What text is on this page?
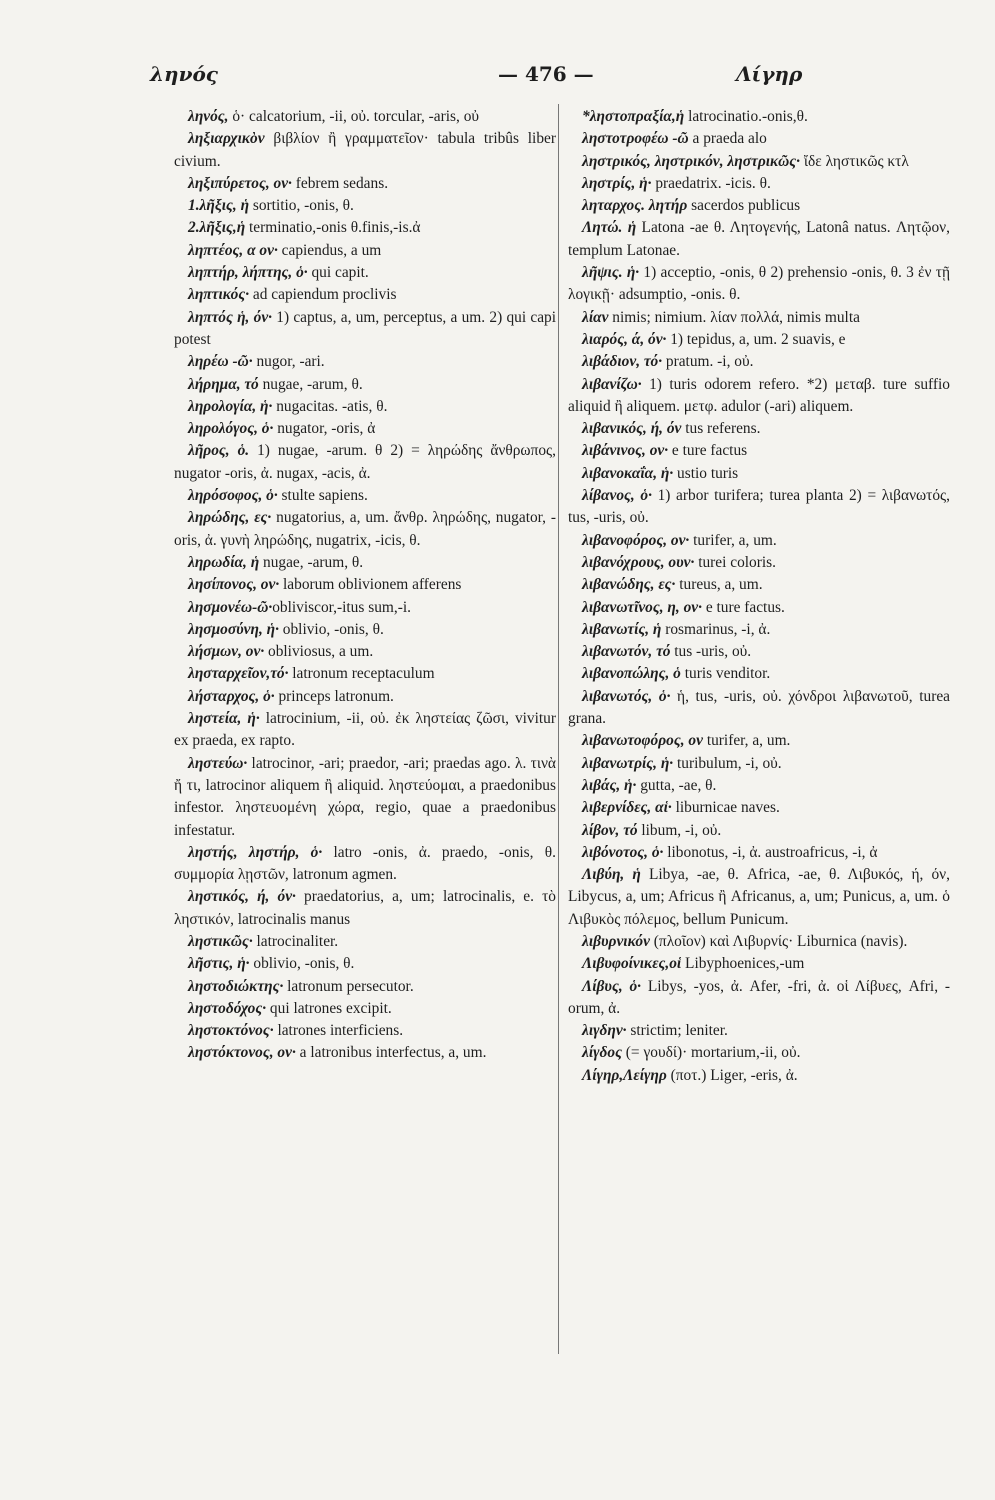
ληνός	— 476 —	Λίγηρ

ληνός, ὁ· calcatorium, -ii, οὐ. torcular, -aris, οὐ

ληξιαρχικὸν βιβλίον ἢ γραμματεῖον· tabula tribûs liber civium.

ληξιπύρετος, ον· febrem sedans.

1.λῆξις, ἡ sortitio, -onis, θ.

2.λῆξις,ἡ terminatio,-onis θ.finis,-is.ἀ

ληπτέος, α ον· capiendus, a um

ληπτήρ, λήπτης, ὁ· qui capit.

ληπτικός· ad capiendum proclivis

ληπτός ἡ, όν· 1) captus, a, um, perceptus, a um. 2) qui capi potest

ληρέω -ῶ· nugor, -ari.

λήρημα, τό nugae, -arum, θ.

ληρολογία, ἡ· nugacitas. -atis, θ.

ληρολόγος, ὁ· nugator, -oris, ἀ

λῆρος, ὁ. 1) nugae, -arum. θ 2) = ληρώδης ἄνθρωπος, nugator -oris, ἀ. nugax, -acis, ἀ.

ληρόσοφος, ὁ· stulte sapiens.

ληρώδης, ες· nugatorius, a, um. ἄνθρ. ληρώδης, nugator, -oris, ἀ. γυνὴ ληρώδης, nugatrix, -icis, θ.

ληρωδία, ἡ nugae, -arum, θ.

λησίπονος, ον· laborum oblivionem afferens

λησμονέω-ῶ·obliviscor,-itus sum,-i.

λησμοσύνη, ἡ· oblivio, -onis, θ.

λήσμων, ον· obliviosus, a um.

λησταρχεῖον,τό· latronum receptaculum

λήσταρχος, ὁ· princeps latronum.

ληστεία, ἡ· latrocinium, -ii, οὐ. ἐκ ληστείας ζῶσι, vivitur ex praeda, ex rapto.

ληστεύω· latrocinor, -ari; praedor, -ari; praedas ago. λ. τινὰ ἤ τι, latrocinor aliquem ἢ aliquid. ληστεύομαι, a praedonibus infestor. ληστευομένη χώρα, regio, quae a praedonibus infestatur.

ληστής, ληστήρ, ὁ· latro -onis, ἀ. praedo, -onis, θ. συμμορία λῃστῶν, latronum agmen.

ληστικός, ή, όν· praedatorius, a, um; latrocinalis, e. τὸ ληστικόν, latrocinalis manus

ληστικῶς· latrocinaliter.

λῆστις, ἡ· oblivio, -onis, θ.

ληστοδιώκτης· latronum persecutor.

ληστοδόχος· qui latrones excipit.

ληστοκτόνος· latrones interficiens.

ληστόκτονος, ον· a latronibus interfectus, a, um.

*ληστοπραξία,ἡ latrocinatio.-onis,θ.

ληστοτροφέω -ῶ a praeda alo

ληστρικός, ληστρικόν, ληστρικῶς· ἴδε ληστικῶς κτλ

ληστρίς, ἡ· praedatrix. -icis. θ.

ληταρχος. λητήρ sacerdos publicus

Λητώ. ἡ Latona -ae θ. Λητογενής, Latonâ natus. Λητῷον, templum Latonae.

λῆψις. ἡ· 1) acceptio, -onis, θ 2) prehensio -onis, θ. 3 ἐν τῇ λογικῇ· adsumptio, -onis. θ.

λίαν nimis; nimium. λίαν πολλά, nimis multa

λιαρός, ά, όν· 1) tepidus, a, um. 2 suavis, e

λιβάδιον, τό· pratum. -i, οὐ.

λιβανίζω· 1) turis odorem refero. *2) μεταβ. ture suffio aliquid ἢ aliquem. μετφ. adulor (-ari) aliquem.

λιβανικός, ή, όν tus referens.

λιβάνινος, ον· e ture factus

λιβανοκαΐα, ἡ· ustio turis

λίβανος, ὁ· 1) arbor turifera; turea planta 2) = λιβανωτός, tus, -uris, οὐ.

λιβανοφόρος, ον· turifer, a, um.

λιβανόχρους, ουν· turei coloris.

λιβανώδης, ες· tureus, a, um.

λιβανωτῖνος, η, ον· e ture factus.

λιβανωτίς, ἡ rosmarinus, -i, ἀ.

λιβανωτόν, τό tus -uris, οὐ.

λιβανοπώλης, ὁ turis venditor.

λιβανωτός, ὁ· ἡ, tus, -uris, οὐ. χόνδροι λιβανωτοῦ, turea grana.

λιβανωτοφόρος, ον turifer, a, um.

λιβανωτρίς, ἡ· turibulum, -i, οὐ.

λιβάς, ἡ· gutta, -ae, θ.

λιβερνίδες, αἱ· liburnicae naves.

λίβον, τό libum, -i, οὐ.

λιβόνοτος, ὁ· libonotus, -i, ἀ. austroafricus, -i, ἀ

Λιβύη, ἡ Libya, -ae, θ. Africa, -ae, θ. Λιβυκός, ή, όν, Libycus, a, um; Africus ἢ Africanus, a, um; Punicus, a, um. ὁ Λιβυκὸς πόλεμος, bellum Punicum.

λιβυρνικόν (πλοῖον) καὶ Λιβυρνίς· Liburnica (navis).

Λιβυφοίνικες,οἱ Libyphoenices,-um

Λίβυς, ὁ· Libys, -yos, ἀ. Afer, -fri, ἀ. οἱ Λίβυες, Afri, -orum, ἀ.

λιγδην· strictim; leniter.

λίγδος (= γουδί)· mortarium,-ii, οὐ.

Λίγηρ,Λείγηρ (ποτ.) Liger, -eris, ἀ.
